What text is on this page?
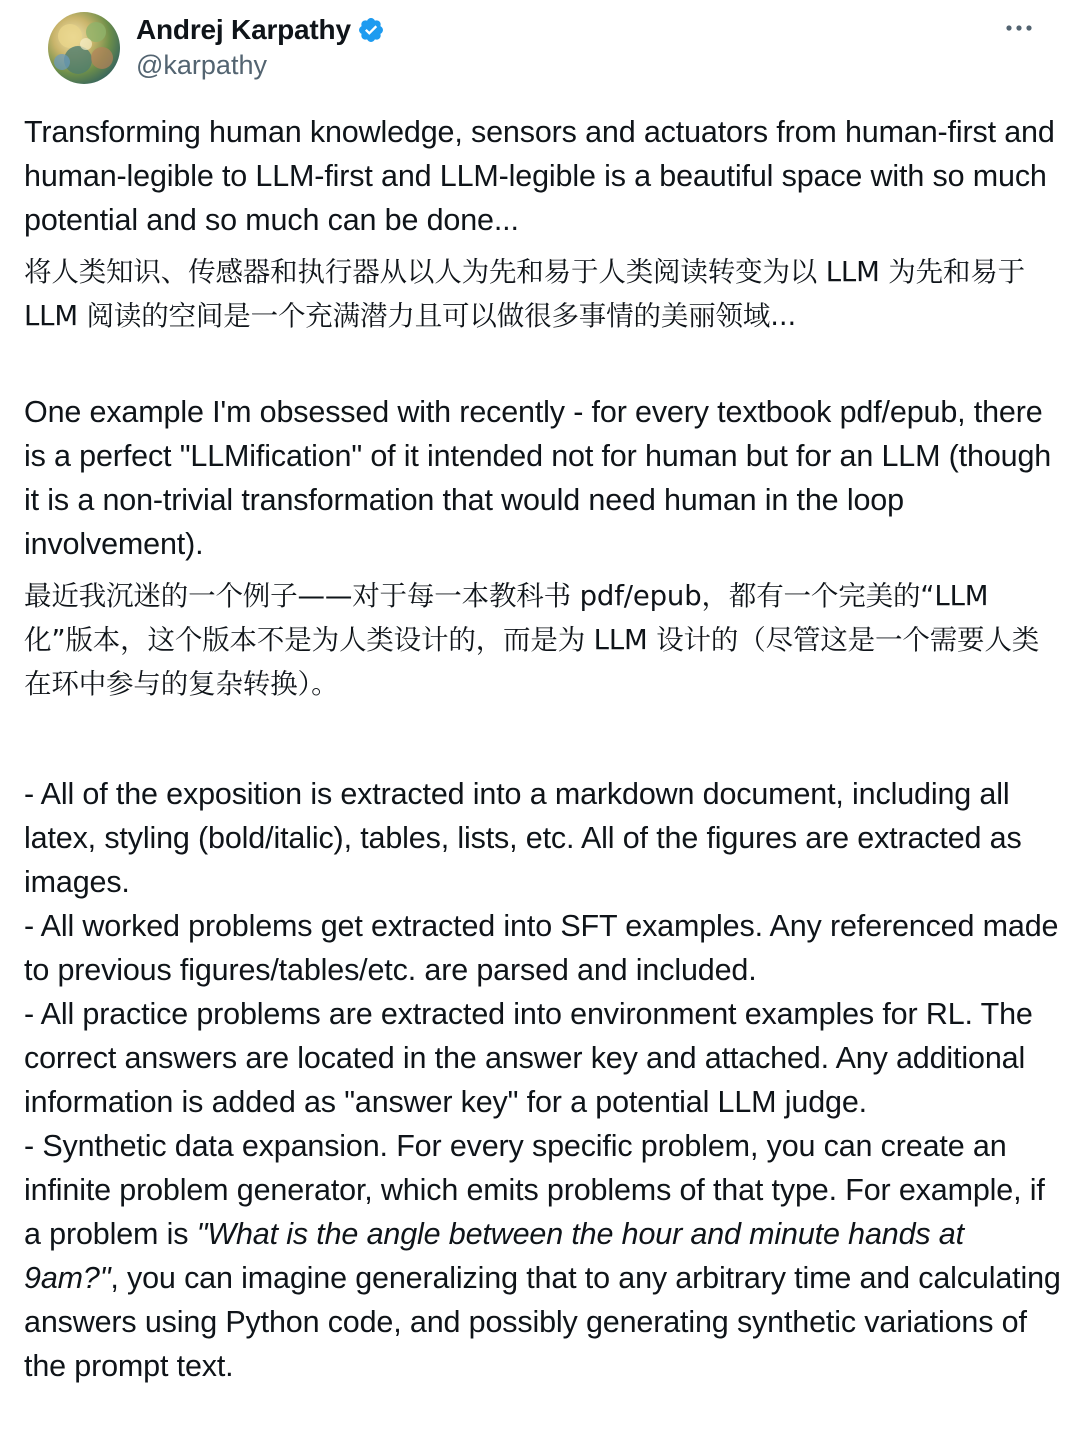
Andrej Karpathy
@karpathy

Transforming human knowledge, sensors and actuators from human-first and human-legible to LLM-first and LLM-legible is a beautiful space with so much potential and so much can be done...

将人类知识、传感器和执行器从以人为先和易于人类阅读转变为以 LLM 为先和易于 LLM 阅读的空间是一个充满潜力且可以做很多事情的美丽领域...

One example I'm obsessed with recently - for every textbook pdf/epub, there is a perfect "LLMification" of it intended not for human but for an LLM (though it is a non-trivial transformation that would need human in the loop involvement).

最近我沉迷的一个例子——对于每一本教科书 pdf/epub，都有一个完美的“LLM 化”版本，这个版本不是为人类设计的，而是为 LLM 设计的（尽管这是一个需要人类在环中参与的复杂转换）。

- All of the exposition is extracted into a markdown document, including all latex, styling (bold/italic), tables, lists, etc. All of the figures are extracted as images.

- All worked problems get extracted into SFT examples. Any referenced made to previous figures/tables/etc. are parsed and included.

- All practice problems are extracted into environment examples for RL. The correct answers are located in the answer key and attached. Any additional information is added as "answer key" for a potential LLM judge.

- Synthetic data expansion. For every specific problem, you can create an infinite problem generator, which emits problems of that type. For example, if a problem is "What is the angle between the hour and minute hands at 9am?", you can imagine generalizing that to any arbitrary time and calculating answers using Python code, and possibly generating synthetic variations of the prompt text.
